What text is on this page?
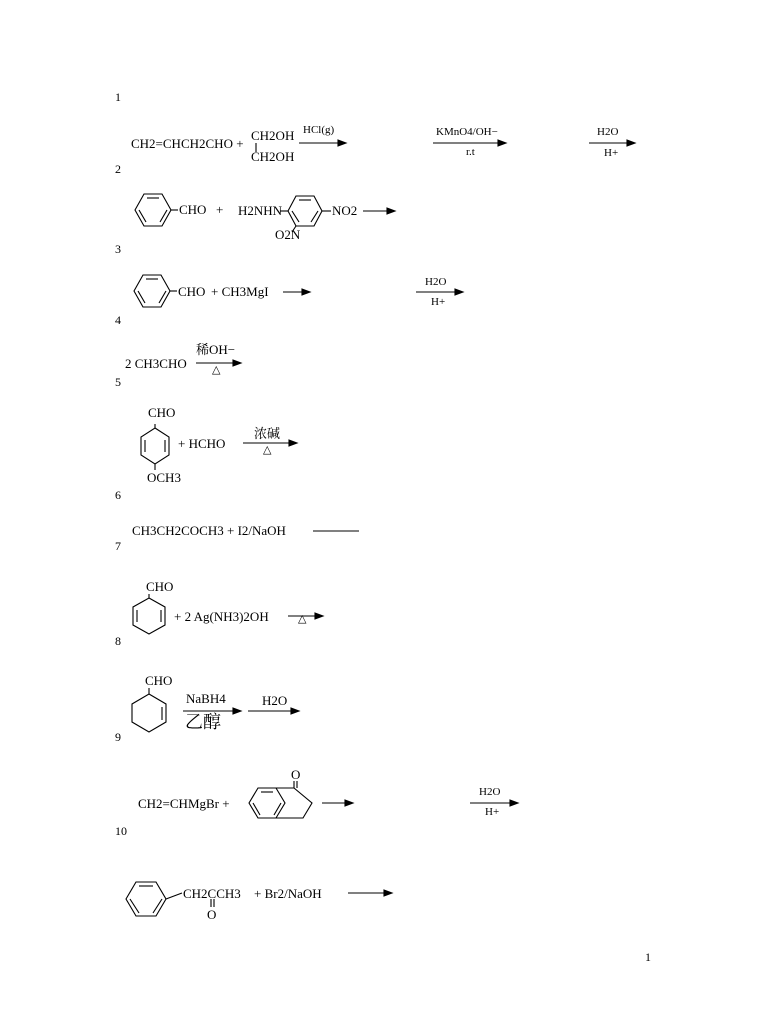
1
CH2=CHCH2CHO +
CH2OH
CH2OH
HCl(g)	KMnO4/OH−
r.t
H2O
H+
2
CHO + H2NHN	NO2
O2N
3
CHO + CH3MgI
H2O
H+
4
2 CH3CHO
稀OH−
△
5
CHO
OCH3
+ HCHO
浓碱
△
6
CH3CH2COCH3 + I2/NaOH
7
CHO
+ 2 Ag(NH3)2OH	△
8
CHO
NaBH4
乙醇
H2O
9
CH2=CHMgBr +
O
H2O
H+
10
CH2CCH3
O
+ Br2/NaOH
1
